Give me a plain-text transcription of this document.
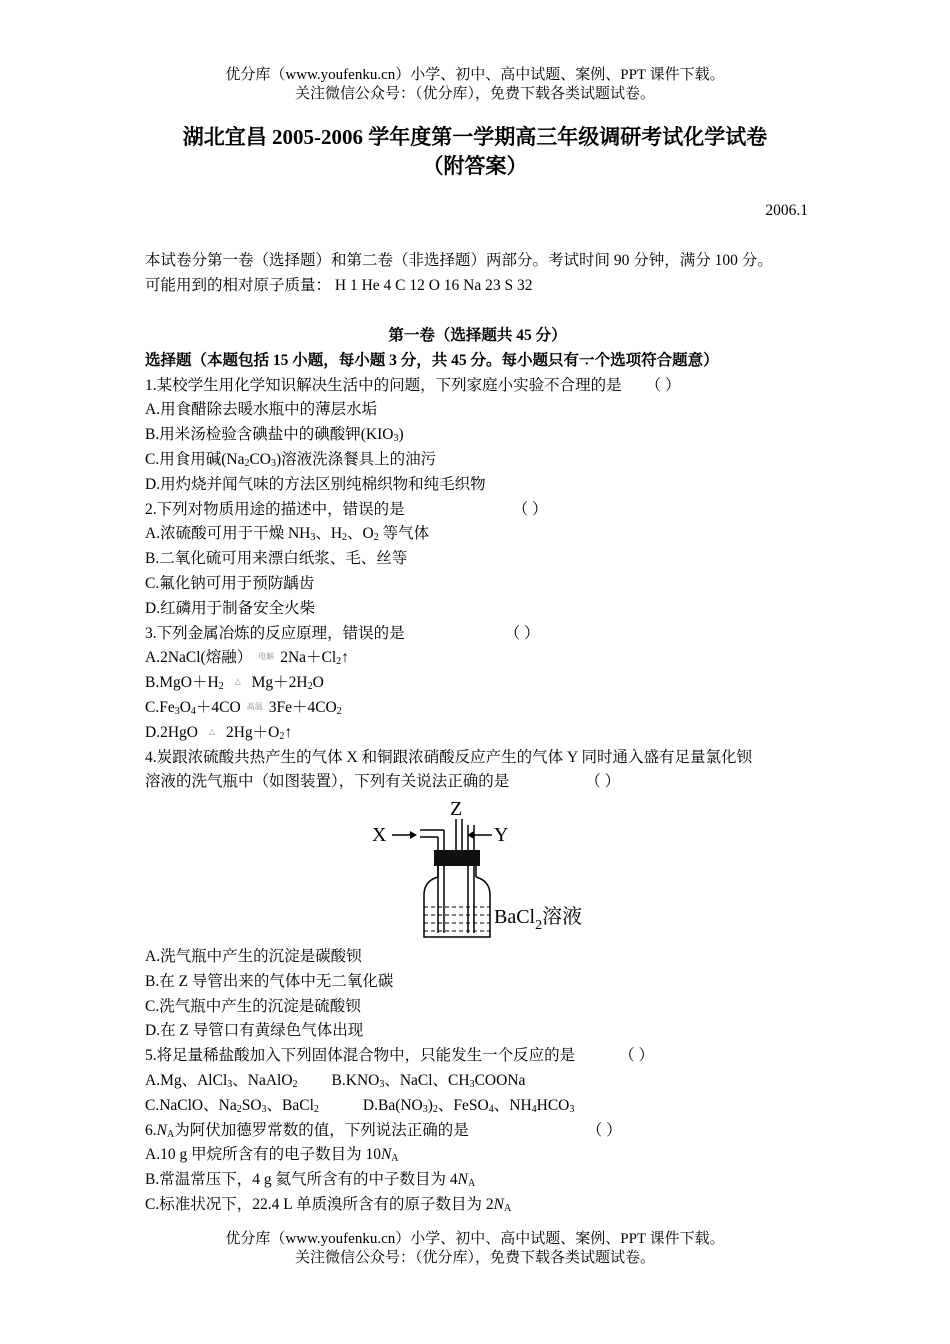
优分库（www.youfenku.cn）小学、初中、高中试题、案例、PPT 课件下载。
关注微信公众号：（优分库），免费下载各类试题试卷。
湖北宜昌 2005-2006 学年度第一学期高三年级调研考试化学试卷
（附答案）
2006.1
本试卷分第一卷（选择题）和第二卷（非选择题）两部分。考试时间 90 分钟，满分 100 分。
可能用到的相对原子质量： H 1 He 4 C 12 O 16 Na 23 S 32
第一卷（选择题共 45 分）
选择题（本题包括 15 小题，每小题 3 分，共 45 分。每小题只有一个选项符合题意）
1.某校学生用化学知识解决生活中的问题，下列家庭小实验不合理的是 （ ）
A.用食醋除去暖水瓶中的薄层水垢
B.用米汤检验含碘盐中的碘酸钾$(KIO_3)$
C.用食用碱$(Na_2CO_3)$溶液洗涤餐具上的油污
D.用灼烧并闻气味的方法区别纯棉织物和纯毛织物
2.下列对物质用途的描述中，错误的是	（ ）
A.浓硫酸可用于干燥 $NH_3$、$H_2$、$O_2$ 等气体
B.二氧化硫可用来漂白纸浆、毛、丝等
C.氟化钠可用于预防龋齿
D.红磷用于制备安全火柴
3.下列金属冶炼的反应原理，错误的是	（ ）
A.2NaCl(熔融） 电解 $2Na+Cl_2↑$
$B.MgO+H_2$ △ $Mg+2H_2O$
$C.Fe_3O_4+4CO$ 高温 $3Fe+4CO_2$
D.2HgO △ $2Hg+O_2↑$
4.炭跟浓硫酸共热产生的气体 X 和铜跟浓硝酸反应产生的气体 Y 同时通入盛有足量氯化钡
溶液的洗气瓶中（如图装置），下列有关说法正确的是	（ ）
Z
X	Y
BaCl$_2$溶液
A.洗气瓶中产生的沉淀是碳酸钡
B.在 Z 导管出来的气体中无二氧化碳
C.洗气瓶中产生的沉淀是硫酸钡
D.在 Z 导管口有黄绿色气体出现
5.将足量稀盐酸加入下列固体混合物中，只能发生一个反应的是	（ ）
A.Mg、AlCl$_3$、NaAlO$_2$ $B.KNO_3$、NaCl、$CH_3COONa$
C.NaClO、$Na_2SO_3$、BaCl$_2$	$D.Ba(NO_3)_2$、FeSO$_4$、$NH_4HCO_3$
$6.N_A$为阿伏加德罗常数的值，下列说法正确的是	（ ）
A.10 g 甲烷所含有的电子数目为 $10N_A$
B.常温常压下，4 g 氦气所含有的中子数目为 $4N_A$
C.标准状况下，22.4 L 单质溴所含有的原子数目为 $2N_A$
优分库（www.youfenku.cn）小学、初中、高中试题、案例、PPT 课件下载。
关注微信公众号：（优分库），免费下载各类试题试卷。
